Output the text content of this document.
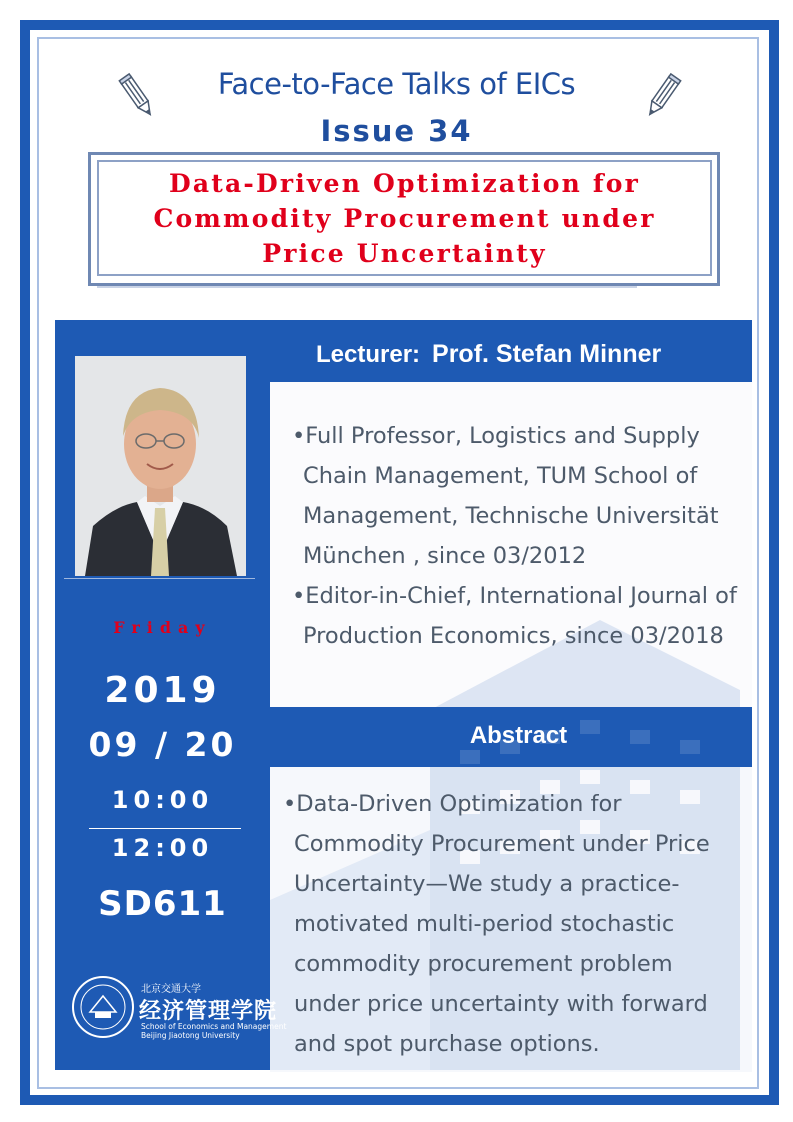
Face-to-Face Talks of EICs
Issue 34
Data-Driven Optimization for
Commodity Procurement under
Price Uncertainty
Lecturer: Prof. Stefan Minner
Friday
2019
09 / 20
10:00
12:00
SD611
北京交通大学
经济管理学院
School of Economics and Management
Beijing Jiaotong University

•Full Professor, Logistics and Supply Chain Management, TUM School of Management, Technische Universität München , since 03/2012

•Editor-in-Chief, International Journal of Production Economics, since 03/2018

Abstract
•Data-Driven Optimization for Commodity Procurement under Price Uncertainty—We study a practice-motivated multi-period stochastic commodity procurement problem under price uncertainty with forward and spot purchase options.
